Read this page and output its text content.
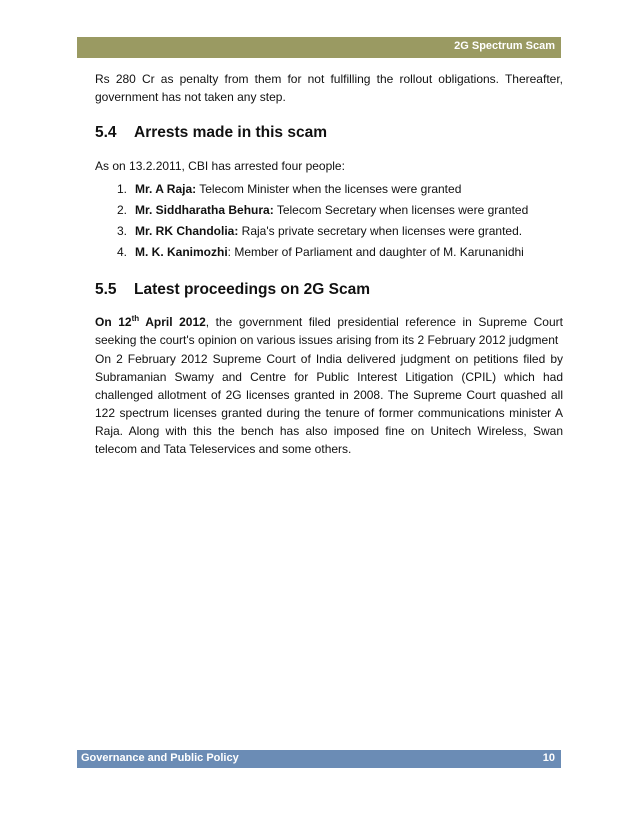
2G Spectrum Scam

Rs 280 Cr as penalty from them for not fulfilling the rollout obligations. Thereafter, government has not taken any step.

5.4 Arrests made in this scam

As on 13.2.2011, CBI has arrested four people:

1. Mr. A Raja: Telecom Minister when the licenses were granted
2. Mr. Siddharatha Behura: Telecom Secretary when licenses were granted
3. Mr. RK Chandolia: Raja's private secretary when licenses were granted.
4. M. K. Kanimozhi: Member of Parliament and daughter of M. Karunanidhi
5.5 Latest proceedings on 2G Scam

On 12th April 2012, the government filed presidential reference in Supreme Court seeking the court's opinion on various issues arising from its 2 February 2012 judgment

On 2 February 2012 Supreme Court of India delivered judgment on petitions filed by Subramanian Swamy and Centre for Public Interest Litigation (CPIL) which had challenged allotment of 2G licenses granted in 2008. The Supreme Court quashed all 122 spectrum licenses granted during the tenure of former communications minister A Raja. Along with this the bench has also imposed fine on Unitech Wireless, Swan telecom and Tata Teleservices and some others.

Governance and Public Policy	10
